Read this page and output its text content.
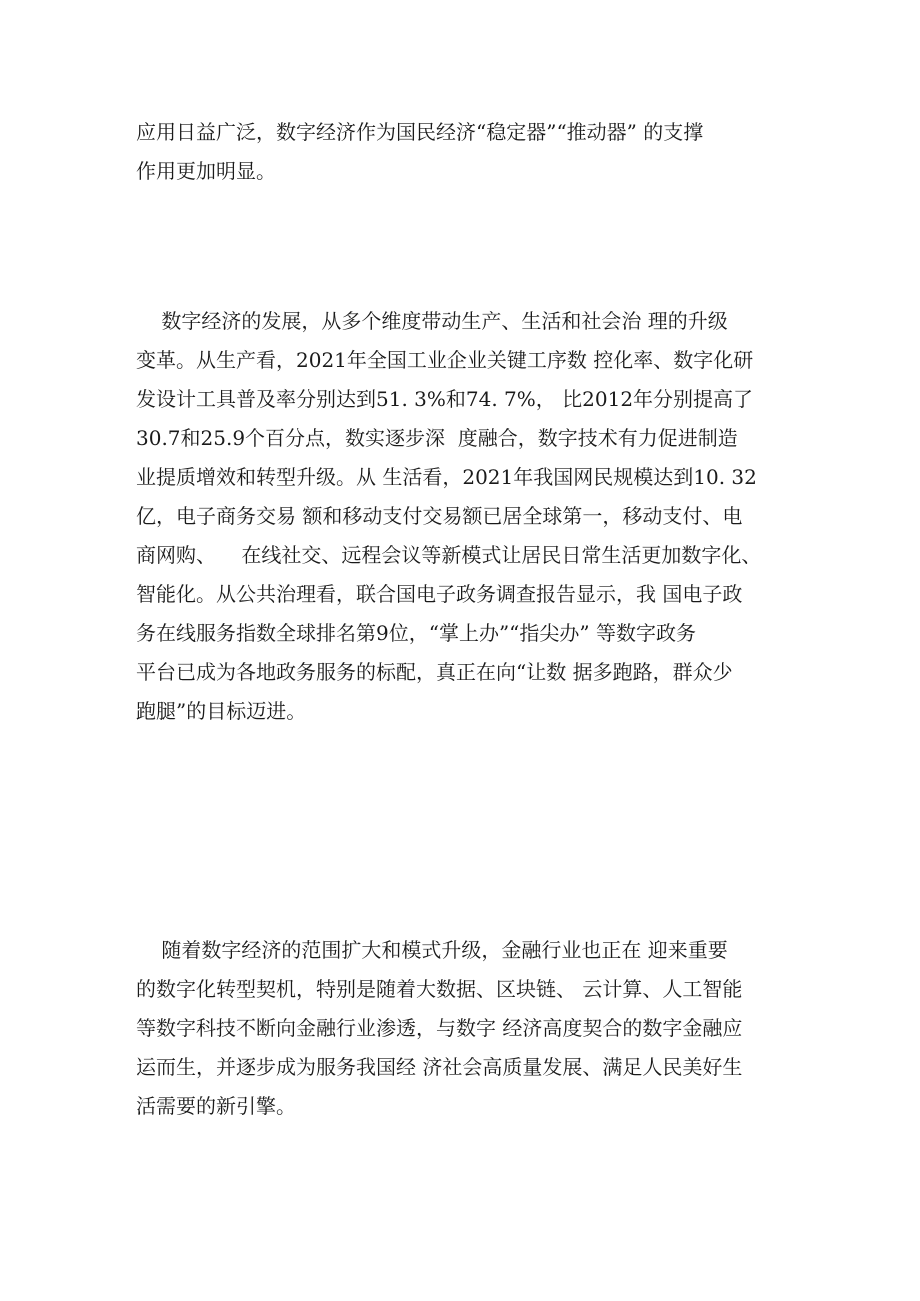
应用日益广泛，数字经济作为国民经济“稳定器”“推动器” 的支撑
作用更加明显。
数字经济的发展，从多个维度带动生产、生活和社会治 理的升级
变革。从生产看，2021年全国工业企业关键工序数 控化率、数字化研
发设计工具普及率分别达到51. 3%和74. 7%， 比2012年分别提高了
30.7和25.9个百分点，数实逐步深  度融合，数字技术有力促进制造
业提质增效和转型升级。从 生活看，2021年我国网民规模达到10. 32
亿，电子商务交易 额和移动支付交易额已居全球第一，移动支付、电
商网购、    在线社交、远程会议等新模式让居民日常生活更加数字化、
智能化。从公共治理看，联合国电子政务调查报告显示，我 国电子政
务在线服务指数全球排名第9位，“掌上办”“指尖办” 等数字政务
平台已成为各地政务服务的标配，真正在向“让数 据多跑路，群众少
跑腿”的目标迈进。
随着数字经济的范围扩大和模式升级，金融行业也正在 迎来重要
的数字化转型契机，特别是随着大数据、区块链、 云计算、人工智能
等数字科技不断向金融行业渗透，与数字 经济高度契合的数字金融应
运而生，并逐步成为服务我国经 济社会高质量发展、满足人民美好生
活需要的新引擎。
